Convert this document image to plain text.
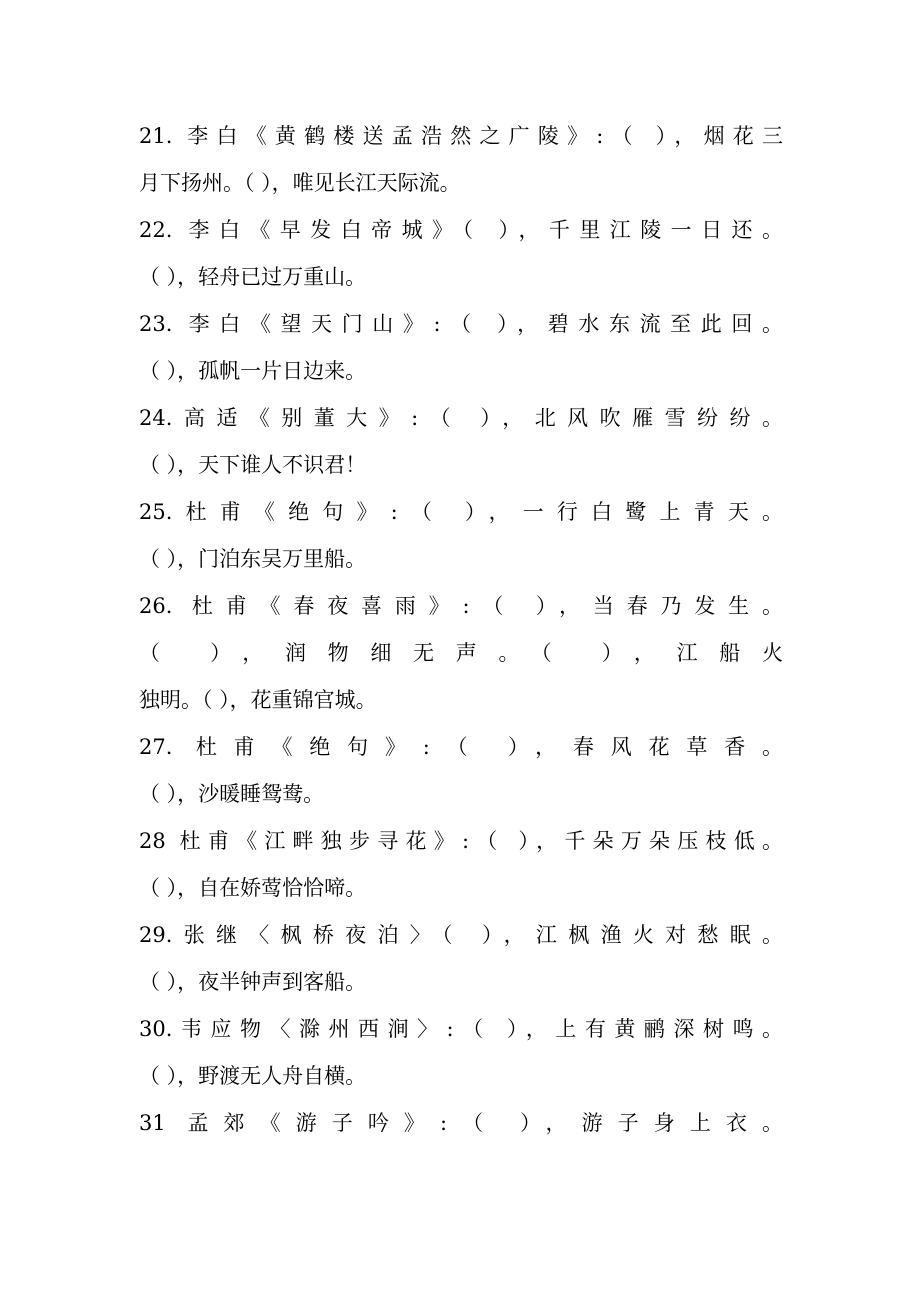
21. 李白《黄鹤楼送孟浩然之广陵》:（ ），烟花三
月下扬州。（ ），唯见长江天际流。
22. 李白《早发白帝城》（ ），千里江陵一日还。
（ ），轻舟已过万重山。
23. 李白《望天门山》:（ ），碧水东流至此回。
（ ），孤帆一片日边来。
24.高适《别董大》:（ ），北风吹雁雪纷纷。
（ ），天下谁人不识君！
25.杜甫《绝句》:（ ），一行白鹭上青天。
（ ），门泊东吴万里船。
26. 杜甫《春夜喜雨》:（ ），当春乃发生。
（ ），润物细无声。（ ），江船火
独明。（ ），花重锦官城。
27. 杜甫《绝句》:（ ），春风花草香。
（ ），沙暖睡鸳鸯。
28 杜甫《江畔独步寻花》:（ ），千朵万朵压枝低。
（ ），自在娇莺恰恰啼。
29.张继〈枫桥夜泊〉（ ），江枫渔火对愁眠。
（ ），夜半钟声到客船。
30.韦应物〈滁州西涧〉:（ ），上有黄鹂深树鸣。
（ ），野渡无人舟自横。
31 孟郊《游子吟》:（ ），游子身上衣。
